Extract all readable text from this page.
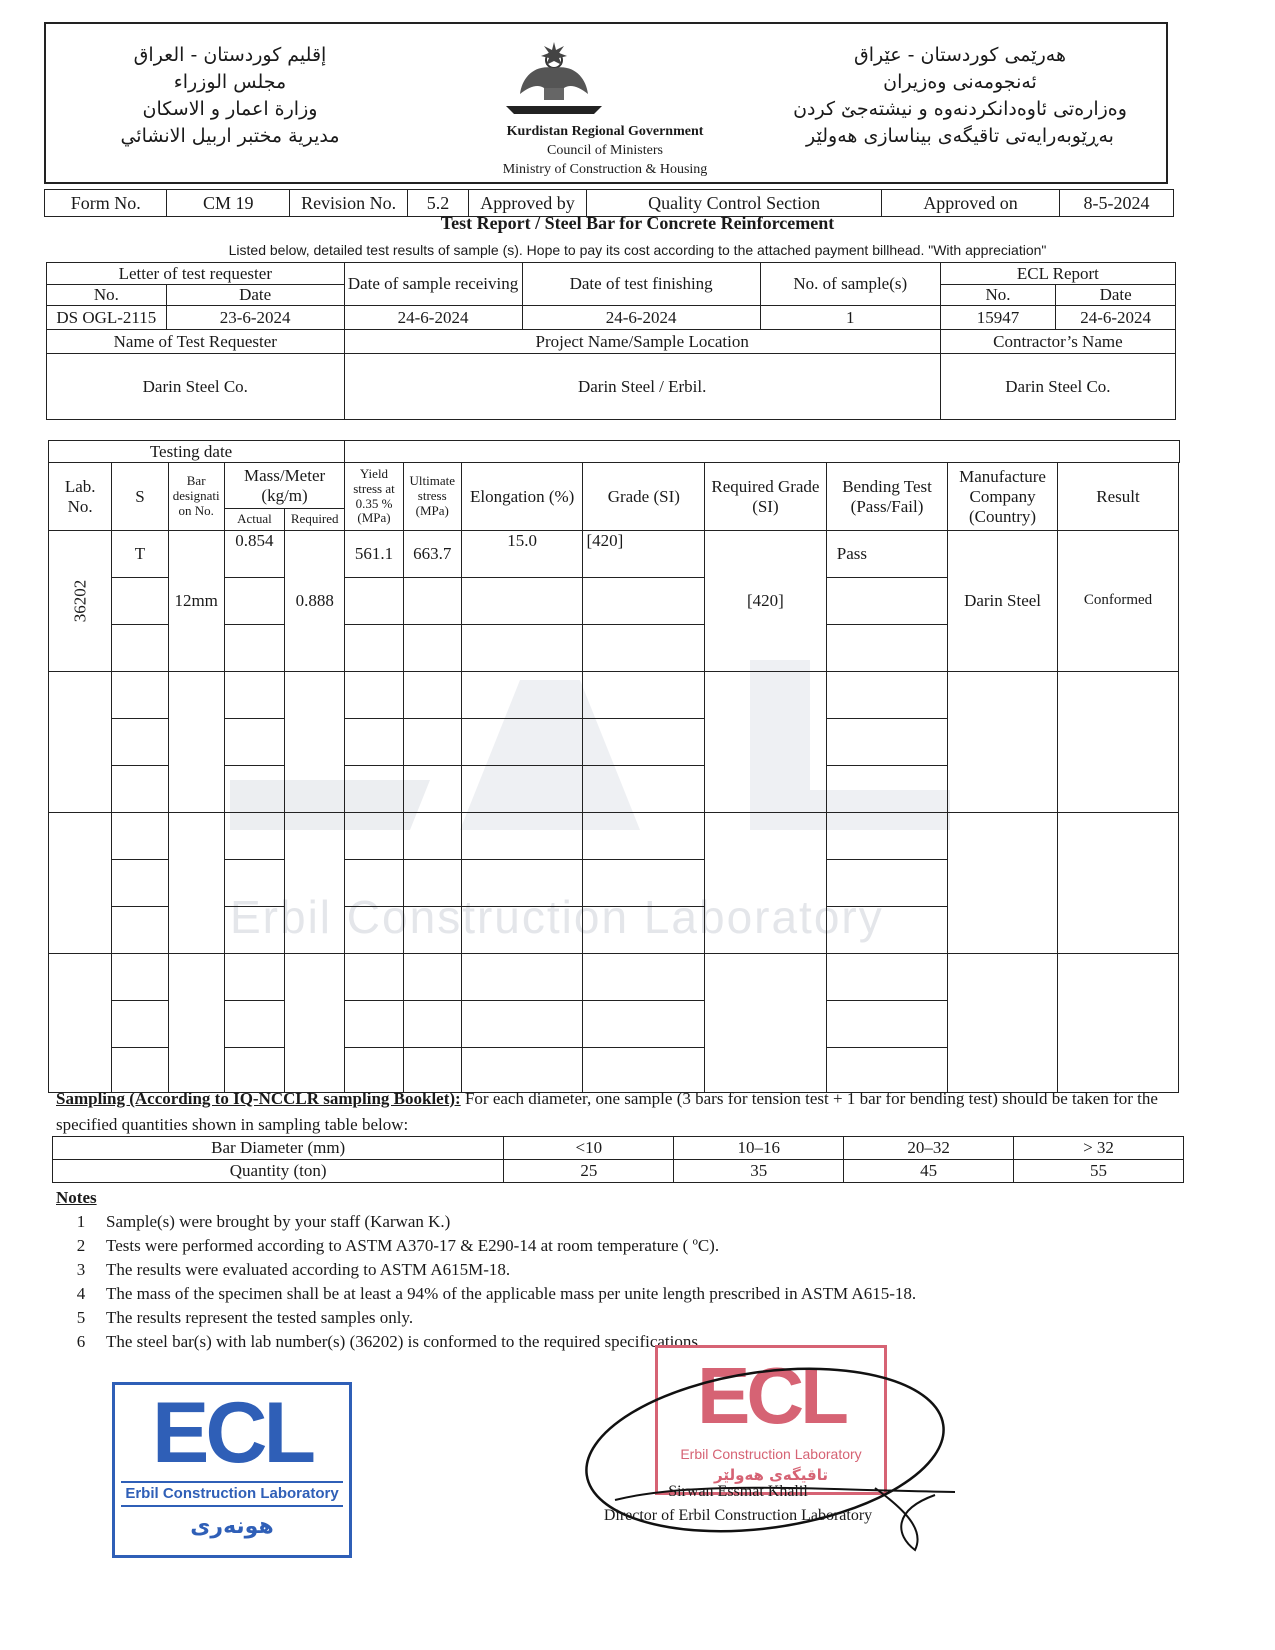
إقليم كوردستان - العراق
مجلس الوزراء
وزارة اعمار و الاسكان
مديرية مختبر اربيل الانشائي
هەرێمی کوردستان - عێراق
ئەنجومەنی وەزیران
وەزارەتی ئاوەدانکردنەوە و نیشتەجێ کردن
بەڕێوبەرایەتی تاقیگەی بیناسازی هەولێر
Kurdistan Regional Government
Council of Ministers
Ministry of Construction & Housing
Form No.	CM 19	Revision No.	5.2	Approved by	Quality Control Section	Approved on	8-5-2024
Test Report / Steel Bar for Concrete Reinforcement
Listed below, detailed test results of sample (s). Hope to pay its cost according to the attached payment billhead. "With appreciation"
Letter of test requester		Date of sample receiving	Date of test finishing	No. of sample(s)	ECL Report	
No.	Date				No.	Date
DS OGL-2115	23-6-2024	24-6-2024	24-6-2024	1	15947	24-6-2024
Name of Test Requester		Project Name/Sample Location			Contractor’s Name	
Darin Steel Co.		Darin Steel / Erbil.			Darin Steel Co.	
Erbil Construction Laboratory
	Testing date												
Lab. No.	S	Bar designati on No.	Mass/Meter (kg/m)		Yield stress at 0.35 % (MPa)	Ultimate stress (MPa)	Elongation (%)	Grade (SI)	Required Grade (SI)	Bending Test (Pass/Fail)	Manufacture Company (Country)	Result	
			Actual	Required									
36202	T	12mm	0.854	0.888	561.1	663.7	15.0	[420]	[420]	Pass	Darin Steel	Conformed	

Sampling (According to IQ-NCCLR sampling Booklet): For each diameter, one sample (3 bars for tension test + 1 bar for bending test) should be taken for the specified quantities shown in sampling table below:
Bar Diameter (mm)	<10	10–16	20–32	> 32
Quantity (ton)	25	35	45	55
Notes
1	Sample(s) were brought by your staff (Karwan K.)
2	Tests were performed according to ASTM A370-17 & E290-14 at room temperature ( ºC).
3	The results were evaluated according to ASTM A615M-18.
4	The mass of the specimen shall be at least a 94% of the applicable mass per unite length prescribed in ASTM A615-18.
5	The results represent the tested samples only.
6	The steel bar(s) with lab number(s) (36202) is conformed to the required specifications.
ECL
Erbil Construction Laboratory
هونەری
ECL
Erbil Construction Laboratory
تاقیگەی هەولێر
Sirwan Essmat Khalil
Director of Erbil Construction Laboratory
